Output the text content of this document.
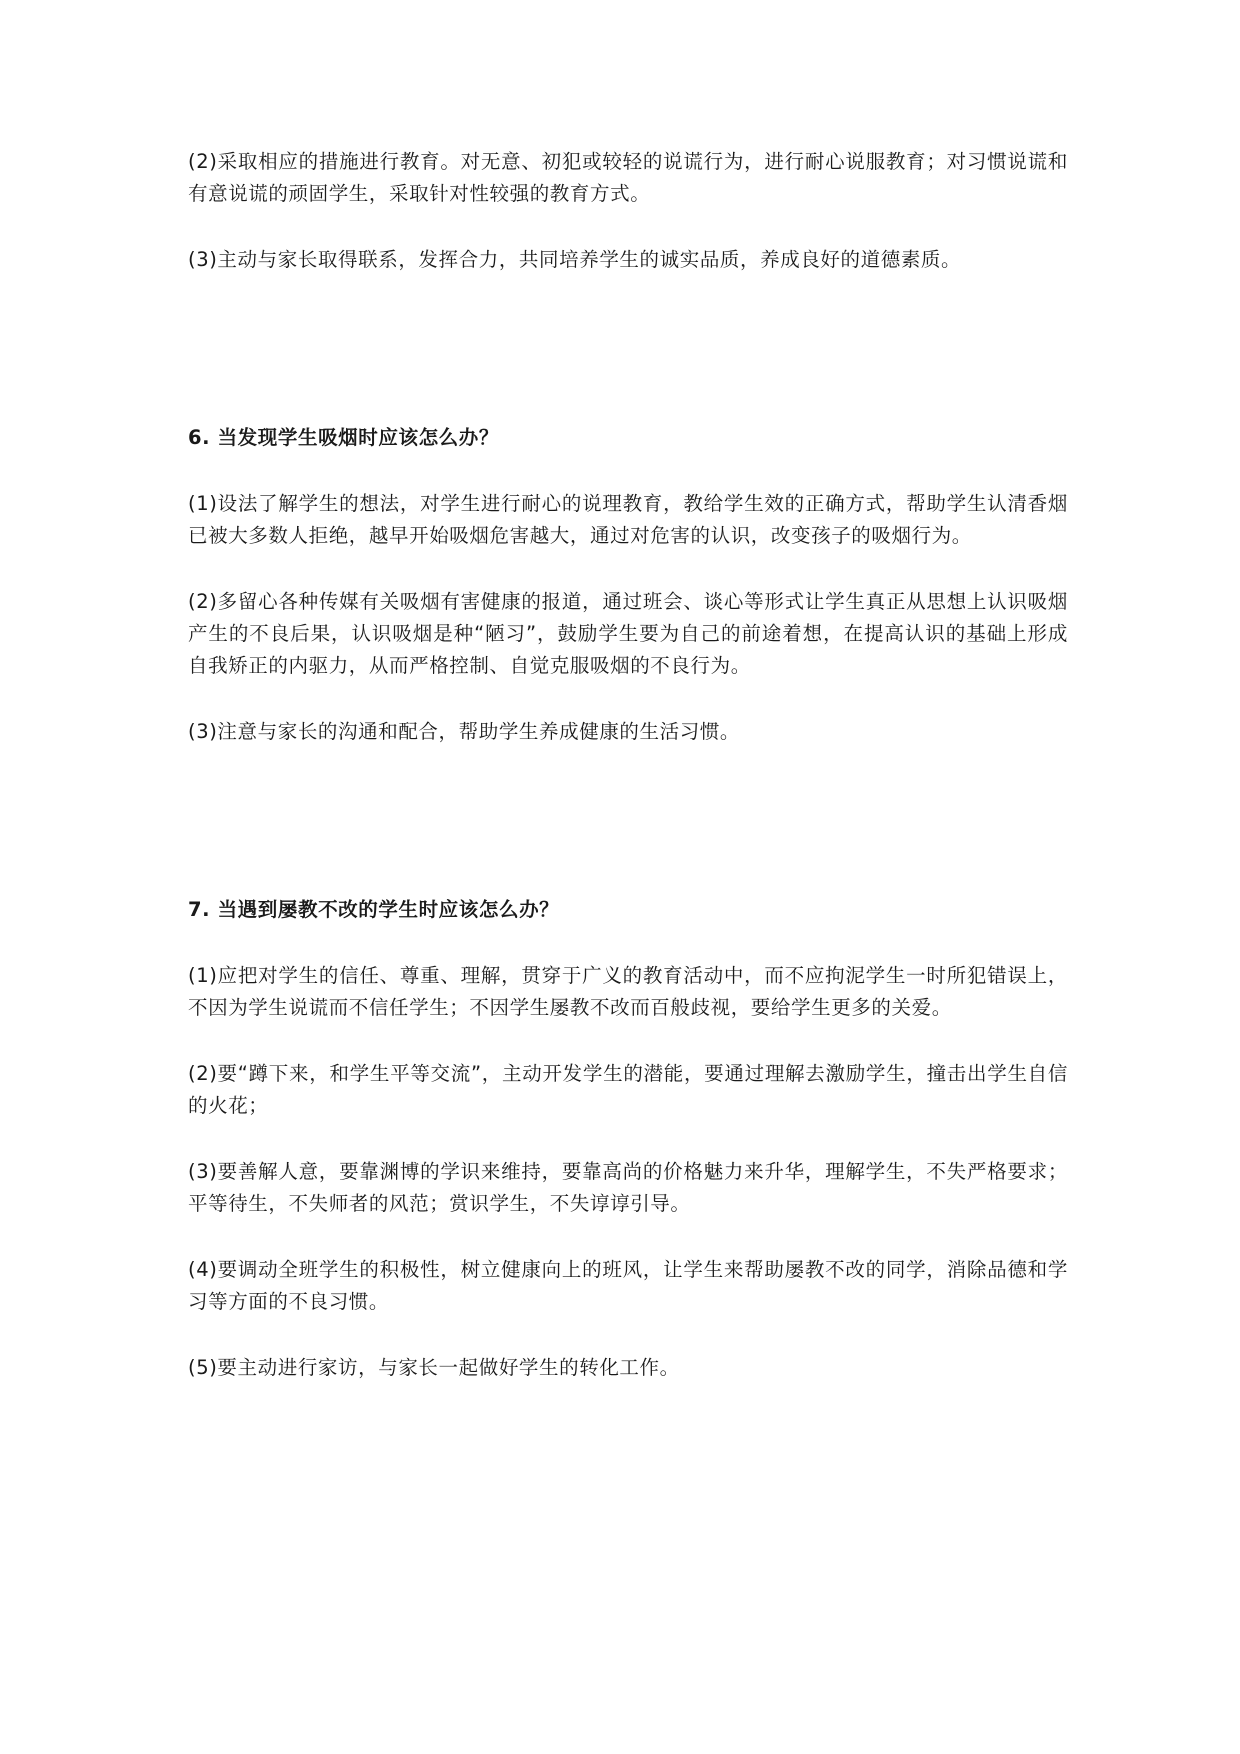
(2)采取相应的措施进行教育。对无意、初犯或较轻的说谎行为，进行耐心说服教育；对习惯说谎和有意说谎的顽固学生，采取针对性较强的教育方式。

(3)主动与家长取得联系，发挥合力，共同培养学生的诚实品质，养成良好的道德素质。

6. 当发现学生吸烟时应该怎么办？

(1)设法了解学生的想法，对学生进行耐心的说理教育，教给学生效的正确方式，帮助学生认清香烟已被大多数人拒绝，越早开始吸烟危害越大，通过对危害的认识，改变孩子的吸烟行为。

(2)多留心各种传媒有关吸烟有害健康的报道，通过班会、谈心等形式让学生真正从思想上认识吸烟产生的不良后果，认识吸烟是种“陋习”，鼓励学生要为自己的前途着想，在提高认识的基础上形成自我矫正的内驱力，从而严格控制、自觉克服吸烟的不良行为。

(3)注意与家长的沟通和配合，帮助学生养成健康的生活习惯。

7. 当遇到屡教不改的学生时应该怎么办？

(1)应把对学生的信任、尊重、理解，贯穿于广义的教育活动中，而不应拘泥学生一时所犯错误上，不因为学生说谎而不信任学生；不因学生屡教不改而百般歧视，要给学生更多的关爱。

(2)要“蹲下来，和学生平等交流”，主动开发学生的潜能，要通过理解去激励学生，撞击出学生自信的火花；

(3)要善解人意，要靠渊博的学识来维持，要靠高尚的价格魅力来升华，理解学生，不失严格要求；平等待生，不失师者的风范；赏识学生，不失谆谆引导。

(4)要调动全班学生的积极性，树立健康向上的班风，让学生来帮助屡教不改的同学，消除品德和学习等方面的不良习惯。

(5)要主动进行家访，与家长一起做好学生的转化工作。
